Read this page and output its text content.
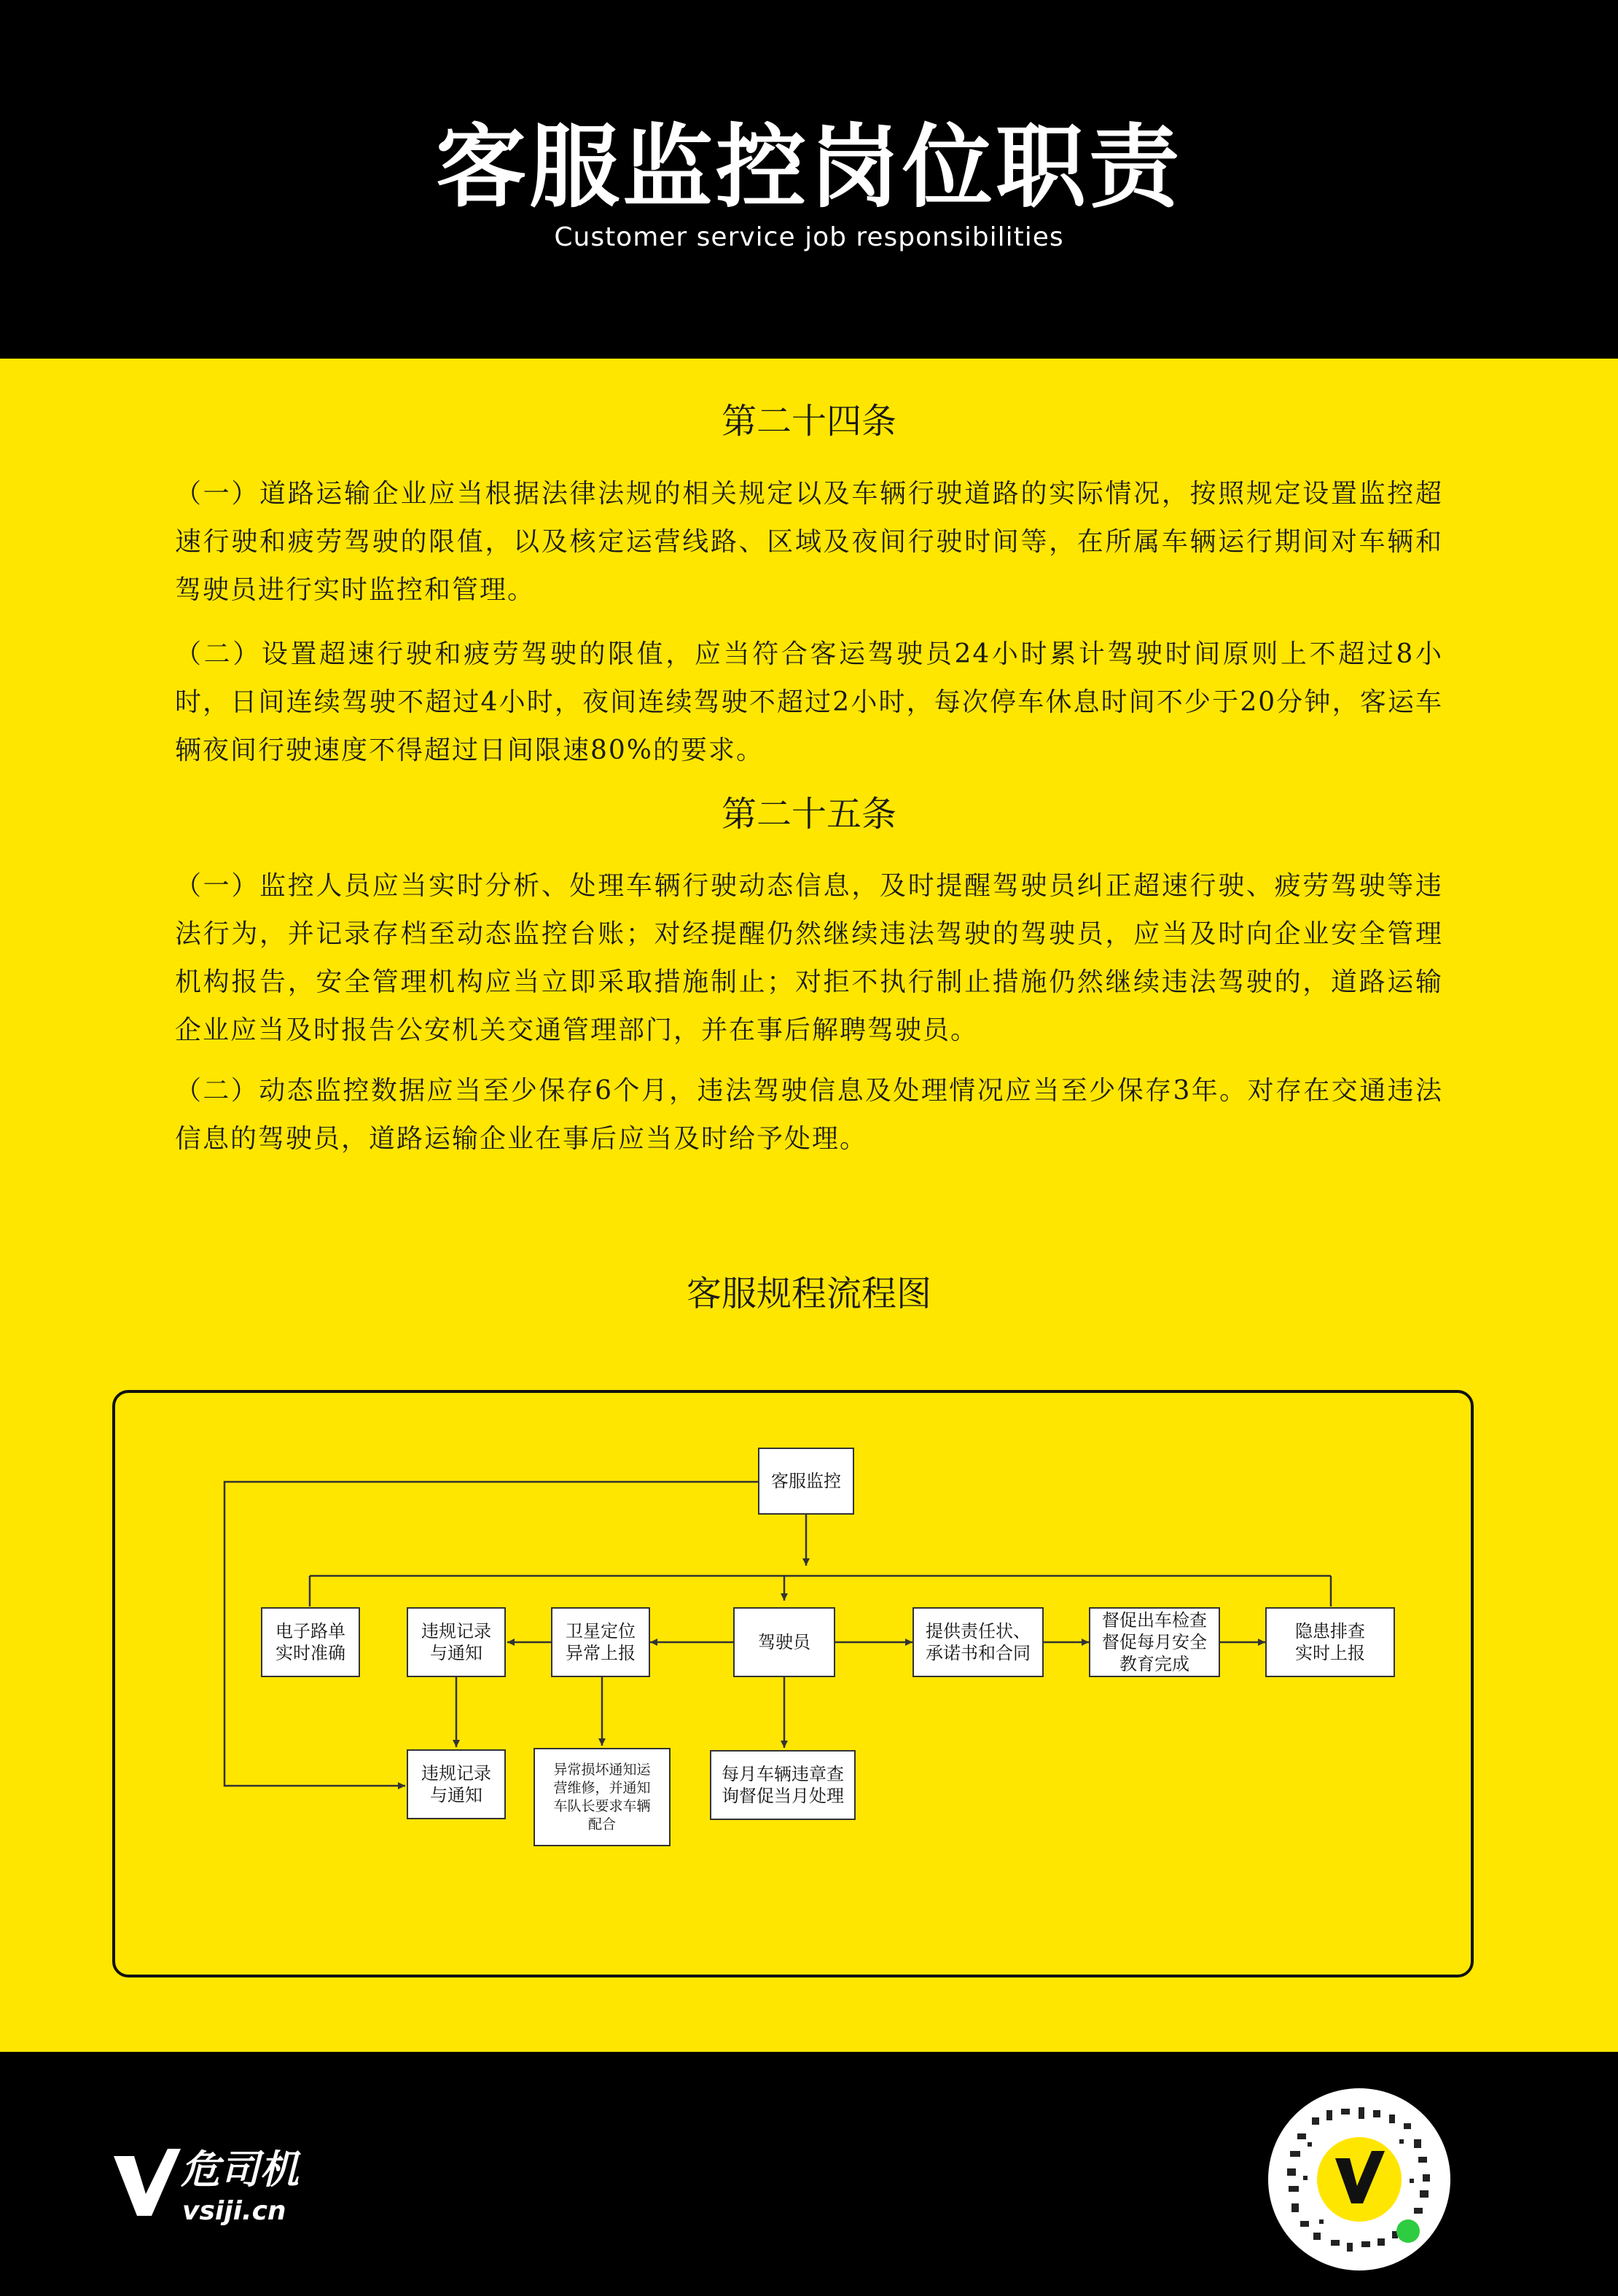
客服监控岗位职责
Customer service job responsibilities
第二十四条
（一）道路运输企业应当根据法律法规的相关规定以及车辆行驶道路的实际情况，按照规定设置监控超速行驶和疲劳驾驶的限值，以及核定运营线路、区域及夜间行驶时间等，在所属车辆运行期间对车辆和驾驶员进行实时监控和管理。
（二）设置超速行驶和疲劳驾驶的限值，应当符合客运驾驶员24小时累计驾驶时间原则上不超过8小时，日间连续驾驶不超过4小时，夜间连续驾驶不超过2小时，每次停车休息时间不少于20分钟，客运车辆夜间行驶速度不得超过日间限速80%的要求。
第二十五条
（一）监控人员应当实时分析、处理车辆行驶动态信息，及时提醒驾驶员纠正超速行驶、疲劳驾驶等违法行为，并记录存档至动态监控台账；对经提醒仍然继续违法驾驶的驾驶员，应当及时向企业安全管理机构报告，安全管理机构应当立即采取措施制止；对拒不执行制止措施仍然继续违法驾驶的，道路运输企业应当及时报告公安机关交通管理部门，并在事后解聘驾驶员。
（二）动态监控数据应当至少保存6个月，违法驾驶信息及处理情况应当至少保存3年。对存在交通违法信息的驾驶员，道路运输企业在事后应当及时给予处理。
客服规程流程图
客服监控
电子路单
实时准确
违规记录
与通知
卫星定位
异常上报
驾驶员
提供责任状、
承诺书和合同
督促出车检查
督促每月安全
教育完成
隐患排查
实时上报
违规记录
与通知
异常损坏通知运
营维修，并通知
车队长要求车辆
配合
每月车辆违章查
询督促当月处理
危司机
vsiji.cn
